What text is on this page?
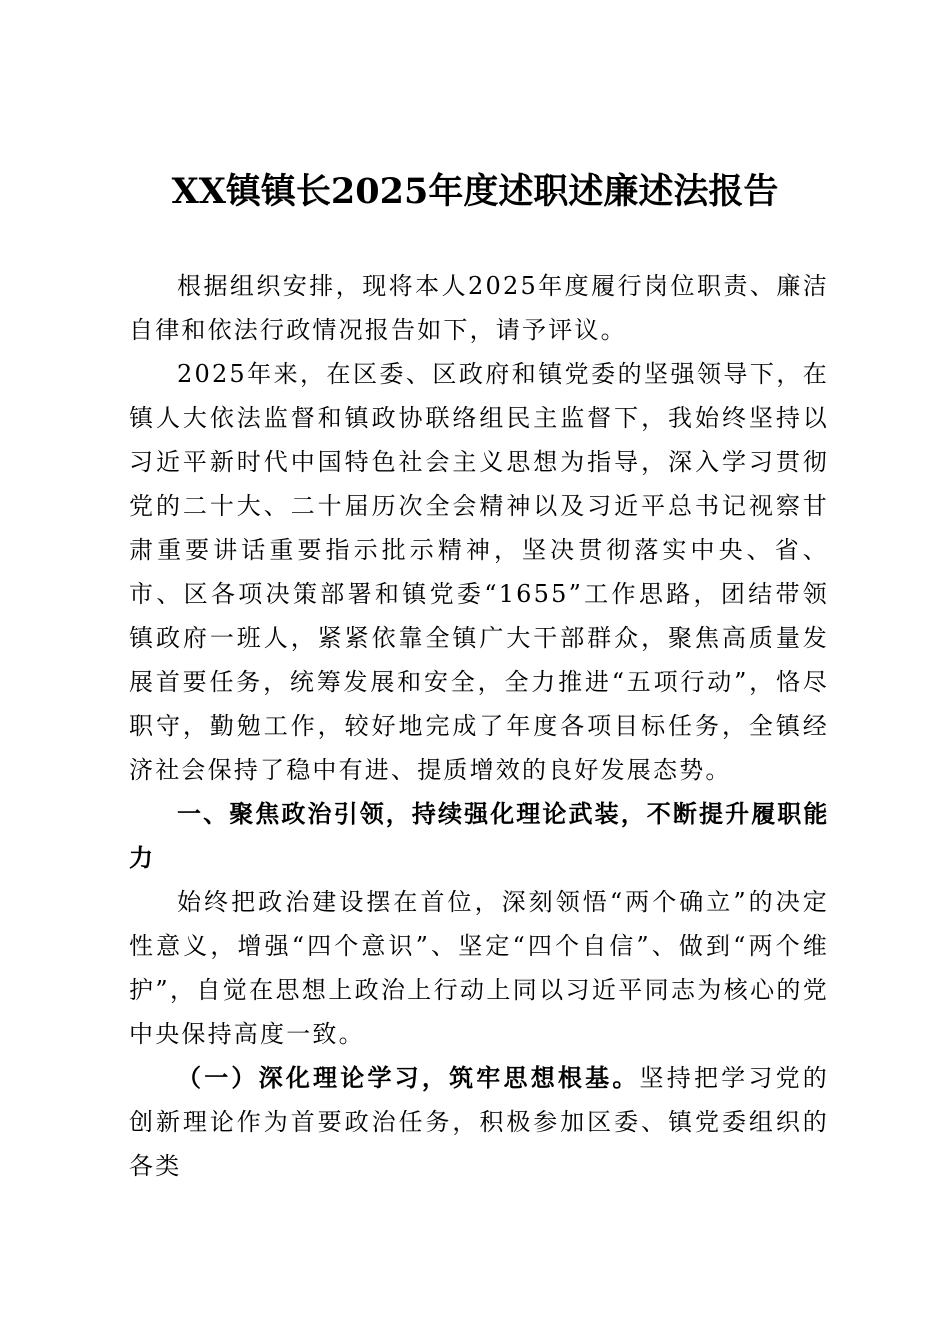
XX镇镇长2025年度述职述廉述法报告

根据组织安排，现将本人2025年度履行岗位职责、廉洁自律和依法行政情况报告如下，请予评议。

2025年来，在区委、区政府和镇党委的坚强领导下，在镇人大依法监督和镇政协联络组民主监督下，我始终坚持以习近平新时代中国特色社会主义思想为指导，深入学习贯彻党的二十大、二十届历次全会精神以及习近平总书记视察甘肃重要讲话重要指示批示精神，坚决贯彻落实中央、省、市、区各项决策部署和镇党委“1655”工作思路，团结带领镇政府一班人，紧紧依靠全镇广大干部群众，聚焦高质量发展首要任务，统筹发展和安全，全力推进“五项行动”，恪尽职守，勤勉工作，较好地完成了年度各项目标任务，全镇经济社会保持了稳中有进、提质增效的良好发展态势。

一、聚焦政治引领，持续强化理论武装，不断提升履职能力

始终把政治建设摆在首位，深刻领悟“两个确立”的决定性意义，增强“四个意识”、坚定“四个自信”、做到“两个维护”，自觉在思想上政治上行动上同以习近平同志为核心的党中央保持高度一致。

（一）深化理论学习，筑牢思想根基。坚持把学习党的创新理论作为首要政治任务，积极参加区委、镇党委组织的各类
